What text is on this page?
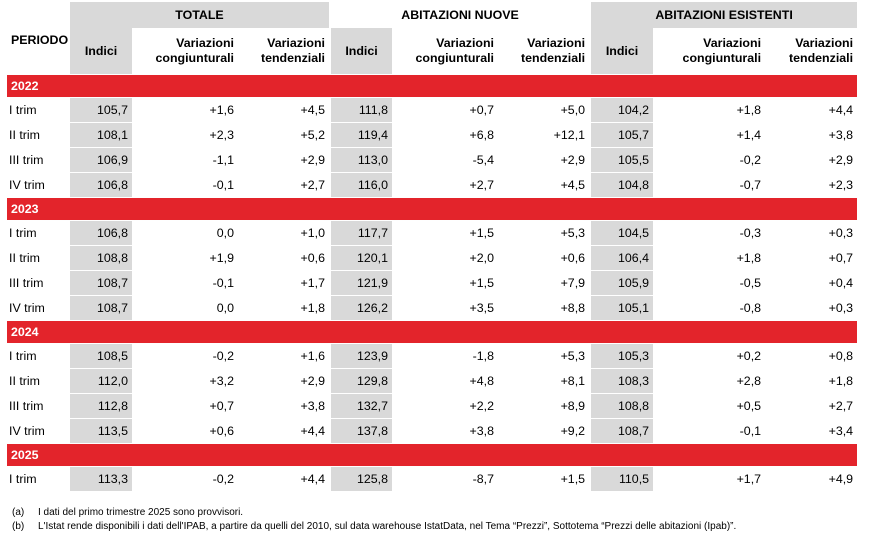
PERIODO	TOTALE			ABITAZIONI NUOVE			ABITAZIONI ESISTENTI		
	Indici	Variazioni congiunturali	Variazioni tendenziali	Indici	Variazioni congiunturali	Variazioni tendenziali	Indici	Variazioni congiunturali	Variazioni tendenziali
2022									
I trim	105,7	+1,6	+4,5	111,8	+0,7	+5,0	104,2	+1,8	+4,4
II trim	108,1	+2,3	+5,2	119,4	+6,8	+12,1	105,7	+1,4	+3,8
III trim	106,9	-1,1	+2,9	113,0	-5,4	+2,9	105,5	-0,2	+2,9
IV trim	106,8	-0,1	+2,7	116,0	+2,7	+4,5	104,8	-0,7	+2,3
2023									
I trim	106,8	0,0	+1,0	117,7	+1,5	+5,3	104,5	-0,3	+0,3
II trim	108,8	+1,9	+0,6	120,1	+2,0	+0,6	106,4	+1,8	+0,7
III trim	108,7	-0,1	+1,7	121,9	+1,5	+7,9	105,9	-0,5	+0,4
IV trim	108,7	0,0	+1,8	126,2	+3,5	+8,8	105,1	-0,8	+0,3
2024									
I trim	108,5	-0,2	+1,6	123,9	-1,8	+5,3	105,3	+0,2	+0,8
II trim	112,0	+3,2	+2,9	129,8	+4,8	+8,1	108,3	+2,8	+1,8
III trim	112,8	+0,7	+3,8	132,7	+2,2	+8,9	108,8	+0,5	+2,7
IV trim	113,5	+0,6	+4,4	137,8	+3,8	+9,2	108,7	-0,1	+3,4
2025									
I trim	113,3	-0,2	+4,4	125,8	-8,7	+1,5	110,5	+1,7	+4,9
(a) I dati del primo trimestre 2025 sono provvisori.
(b) L'Istat rende disponibili i dati dell'IPAB, a partire da quelli del 2010, sul data warehouse IstatData, nel Tema “Prezzi”, Sottotema “Prezzi delle abitazioni (Ipab)”.
